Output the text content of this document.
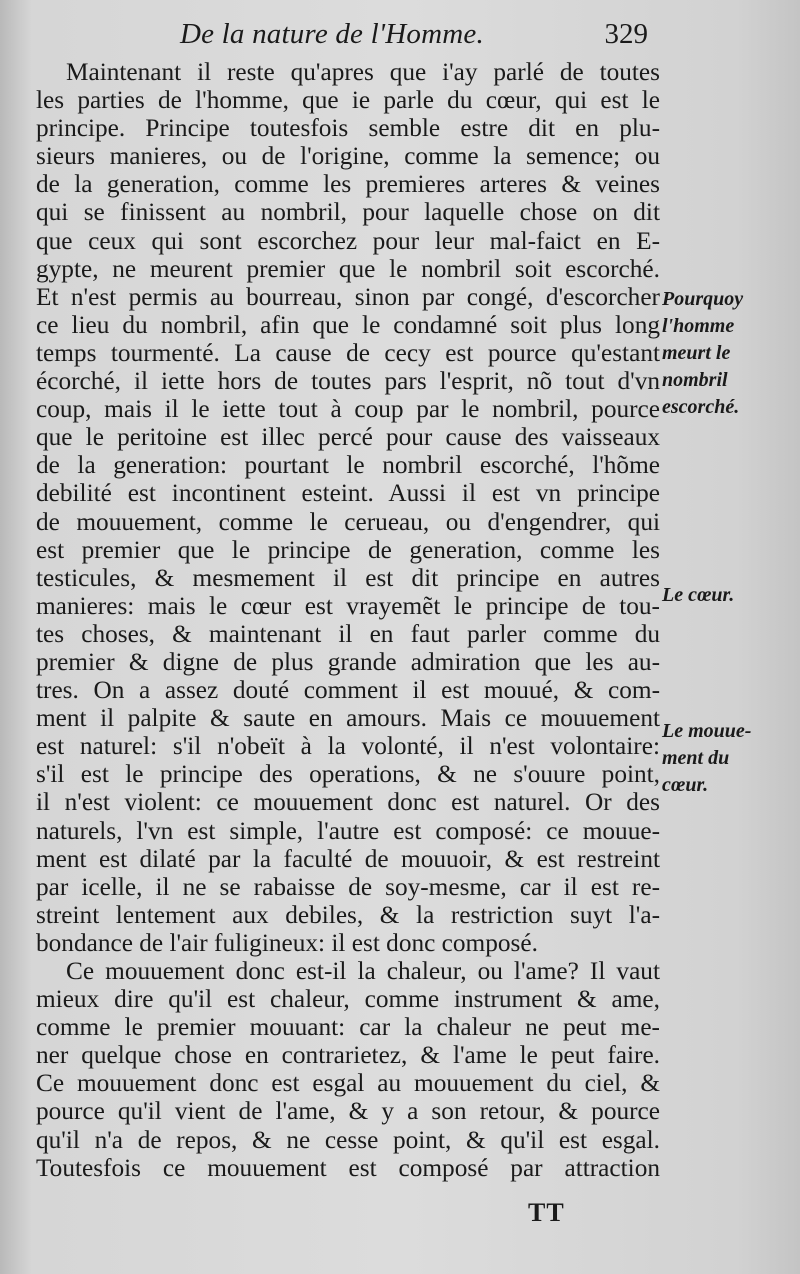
De la nature de l'Homme.	329
Maintenant il reste qu'apres que i'ay parlé de toutes
les parties de l'homme, que ie parle du cœur, qui est le
principe. Principe toutesfois semble estre dit en plu-
sieurs manieres, ou de l'origine, comme la semence; ou
de la generation, comme les premieres arteres & veines
qui se finissent au nombril, pour laquelle chose on dit
que ceux qui sont escorchez pour leur mal-faict en E-
gypte, ne meurent premier que le nombril soit escorché.
Et n'est permis au bourreau, sinon par congé, d'escorcher
ce lieu du nombril, afin que le condamné soit plus long
temps tourmenté. La cause de cecy est pource qu'estant
écorché, il iette hors de toutes pars l'esprit, nõ tout d'vn
coup, mais il le iette tout à coup par le nombril, pource
que le peritoine est illec percé pour cause des vaisseaux
de la generation: pourtant le nombril escorché, l'hõme
debilité est incontinent esteint. Aussi il est vn principe
de mouuement, comme le cerueau, ou d'engendrer, qui
est premier que le principe de generation, comme les
testicules, & mesmement il est dit principe en autres
manieres: mais le cœur est vrayemẽt le principe de tou-
tes choses, & maintenant il en faut parler comme du
premier & digne de plus grande admiration que les au-
tres. On a assez douté comment il est mouué, & com-
ment il palpite & saute en amours. Mais ce mouuement
est naturel: s'il n'obeït à la volonté, il n'est volontaire:
s'il est le principe des operations, & ne s'ouure point,
il n'est violent: ce mouuement donc est naturel. Or des
naturels, l'vn est simple, l'autre est composé: ce mouue-
ment est dilaté par la faculté de mouuoir, & est restreint
par icelle, il ne se rabaisse de soy-mesme, car il est re-
streint lentement aux debiles, & la restriction suyt l'a-
bondance de l'air fuligineux: il est donc composé.
Ce mouuement donc est-il la chaleur, ou l'ame? Il vaut
mieux dire qu'il est chaleur, comme instrument & ame,
comme le premier mouuant: car la chaleur ne peut me-
ner quelque chose en contrarietez, & l'ame le peut faire.
Ce mouuement donc est esgal au mouuement du ciel, &
pource qu'il vient de l'ame, & y a son retour, & pource
qu'il n'a de repos, & ne cesse point, & qu'il est esgal.
Toutesfois ce mouuement est composé par attraction
Pourquoy
l'homme
meurt le
nombril
escorché.
Le cœur.
Le mouue-
ment du
cœur.
TT
